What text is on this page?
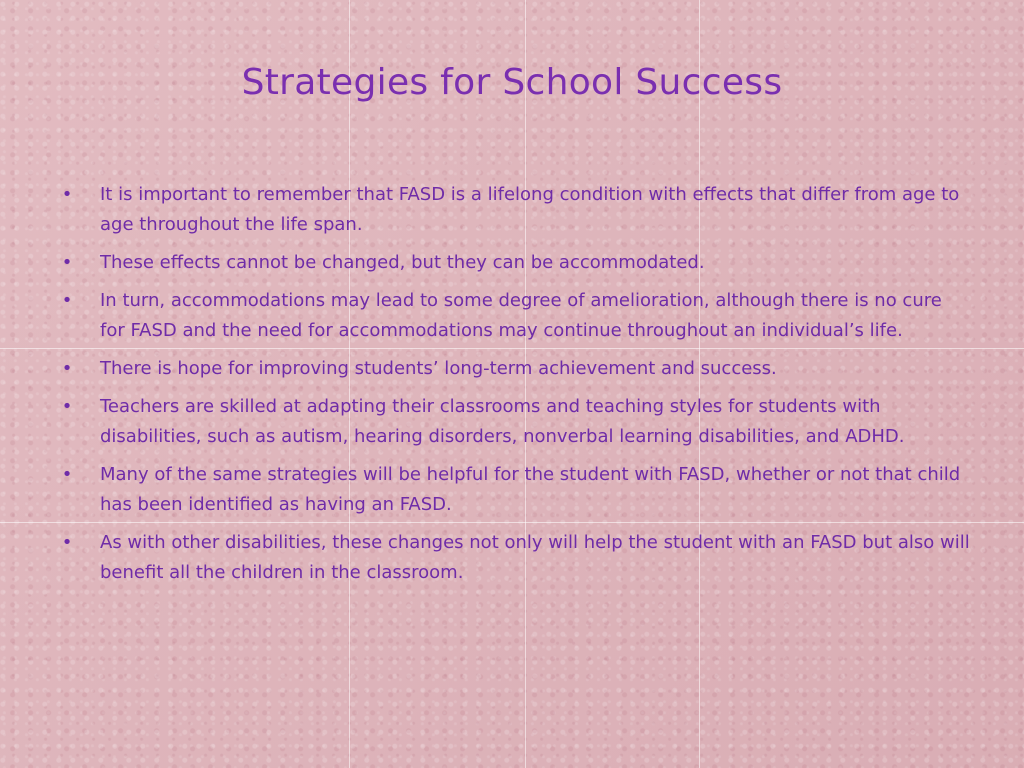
Strategies for School Success
• It is important to remember that FASD is a lifelong condition with effects that differ from age to age throughout the life span.
• These effects cannot be changed, but they can be accommodated.
• In turn, accommodations may lead to some degree of amelioration, although there is no cure for FASD and the need for accommodations may continue throughout an individual’s life.
• There is hope for improving students’ long-term achievement and success.
• Teachers are skilled at adapting their classrooms and teaching styles for students with disabilities, such as autism, hearing disorders, nonverbal learning disabilities, and ADHD.
• Many of the same strategies will be helpful for the student with FASD, whether or not that child has been identified as having an FASD.
• As with other disabilities, these changes not only will help the student with an FASD but also will benefit all the children in the classroom.
